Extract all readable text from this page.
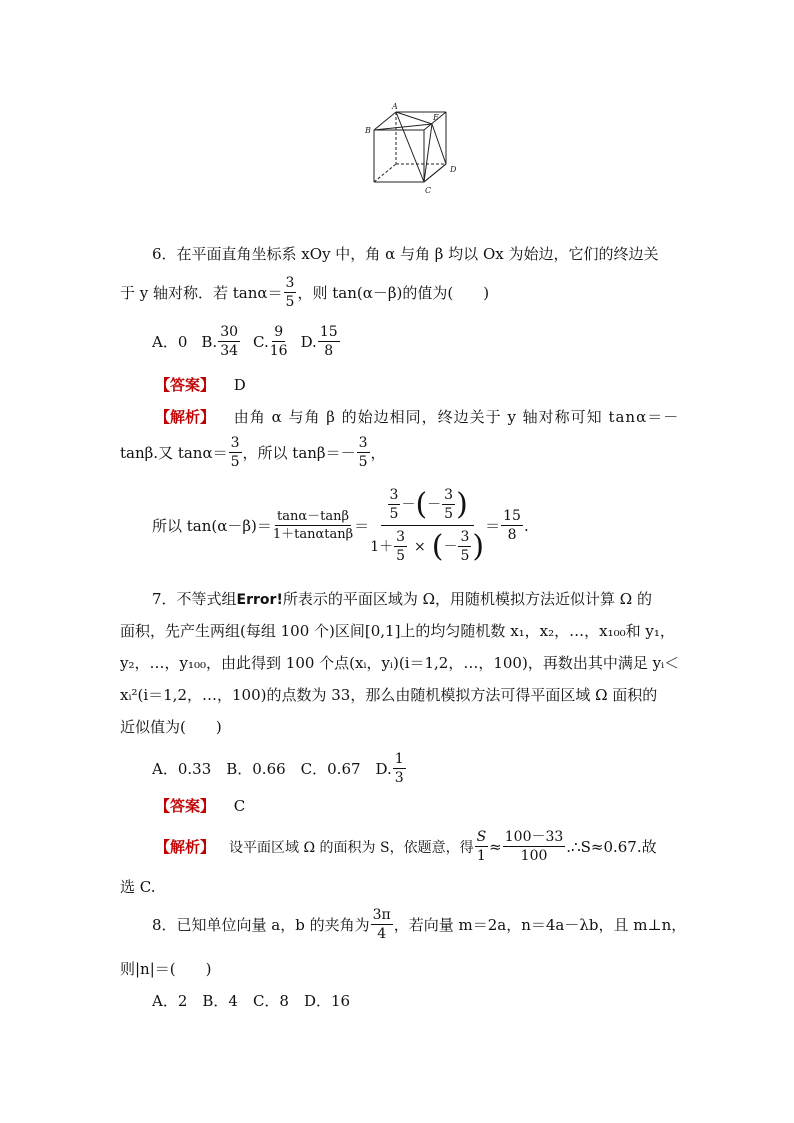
A
B
E
D
C
6．在平面直角坐标系 xOy 中，角 α 与角 β 均以 Ox 为始边，它们的终边关
于 y 轴对称．若 $\tan\alpha= \frac{3}{5}$ ，则 tan(α－β)的值为(　　)
A．0 B. $\frac{30}{34} C$. $\frac{9}{16} D$. $\frac{15}{8}$
【答案】 D
【解析】 由角 α 与角 β 的始边相同，终边关于 y 轴对称可知 tanα＝－
tanβ.又 $\tan\alpha= \frac{3}{5}$ ，所以 $\tan\beta=- \frac{3}{5}$ ，
所以 $\tan(\alpha-\beta)= \frac{\tan\alpha-\tan\beta}{1+\tan\alpha\tan\beta} = \frac{\frac{3}{5} - ( - \frac{3}{5} )}{1+ \frac{3}{5} \times ( - \frac{3}{5} )} = \frac{15}{8}$ .
7．不等式组Error!所表示的平面区域为 Ω，用随机模拟方法近似计算 Ω 的
面积，先产生两组(每组 100 个)区间[0,1]上的均匀随机数 x₁，x₂，…，x₁₀₀和 y₁，
y₂，…，y₁₀₀，由此得到 100 个点(xᵢ，yᵢ)(i＝1,2，…，100)，再数出其中满足 yᵢ＜
xᵢ²(i＝1,2，…，100)的点数为 33，那么由随机模拟方法可得平面区域 Ω 面积的
近似值为(　　)
A．0.33　B．0.66　C．0.67　D. $\frac{1}{3}$
【答案】 C
【解析】 设平面区域 Ω 的面积为 S，依题意，得 $\frac{S}{1} \approx \frac{100-33}{100}$ .∴S≈0.67.故
选 C.
8．已知单位向量 a，b 的夹角为 $\frac{3\pi}{4}$ ，若向量 m＝2a，n＝4a－λb，且 m⊥n，
则|n|＝(　　)
A．2　B．4　C．8　D．16
